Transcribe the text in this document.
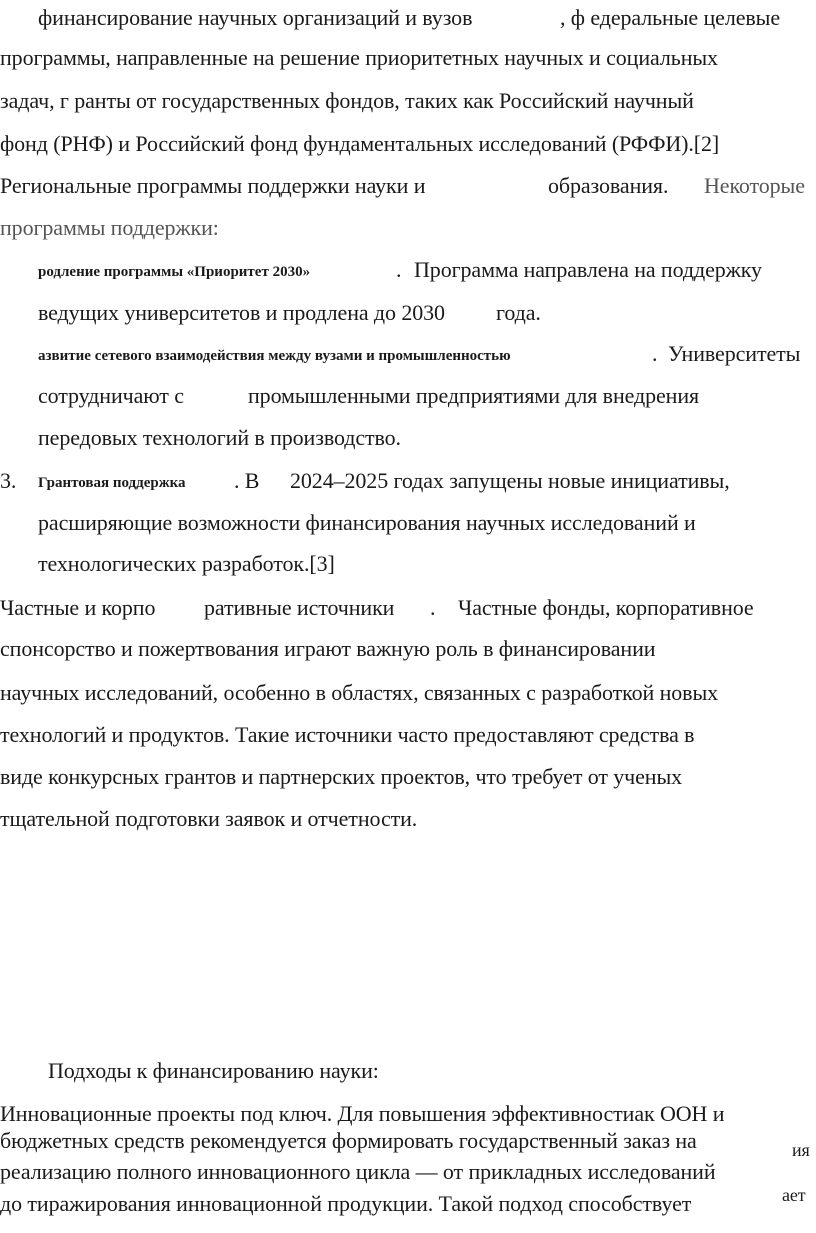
финансирование научных организаций и вузов	, ф едеральные целевые
программы, направленные на решение приоритетных научных и социальных
задач, г ранты от государственных фондов, таких как Российский научный
фонд (РНФ) и Российский фонд фундаментальных исследований (РФФИ).[2]
Региональные программы поддержки науки и	образования. Некоторые
программы поддержки:
родление программы «Приоритет 2030»	. Программа направлена на поддержку
ведущих университетов и продлена до 2030 года.
азвитие сетевого взаимодействия между вузами и промышленностью	. Университеты
сотрудничают с	промышленными предприятиями для внедрения
передовых технологий в производство.
3. Грантовая поддержка . В 2024–2025 годах запущены новые инициативы,
расширяющие возможности финансирования научных исследований и
технологических разработок.[3]
Частные и корпо ративные источники . Частные фонды, корпоративное
спонсорство и пожертвования играют важную роль в финансировании
научных исследований, особенно в областях, связанных с разработкой новых
технологий и продуктов. Такие источники часто предоставляют средства в
виде конкурсных грантов и партнерских проектов, что требует от ученых
тщательной подготовки заявок и отчетности.
Подходы к финансированию науки:
Инновационные проекты под ключ. Для повышения эффективностиак ООН и
бюджетных средств рекомендуется формировать государственный заказ на	ия
реализацию полного инновационного цикла — от прикладных исследований
до тиражирования инновационной продукции. Такой подход способствует	ает
